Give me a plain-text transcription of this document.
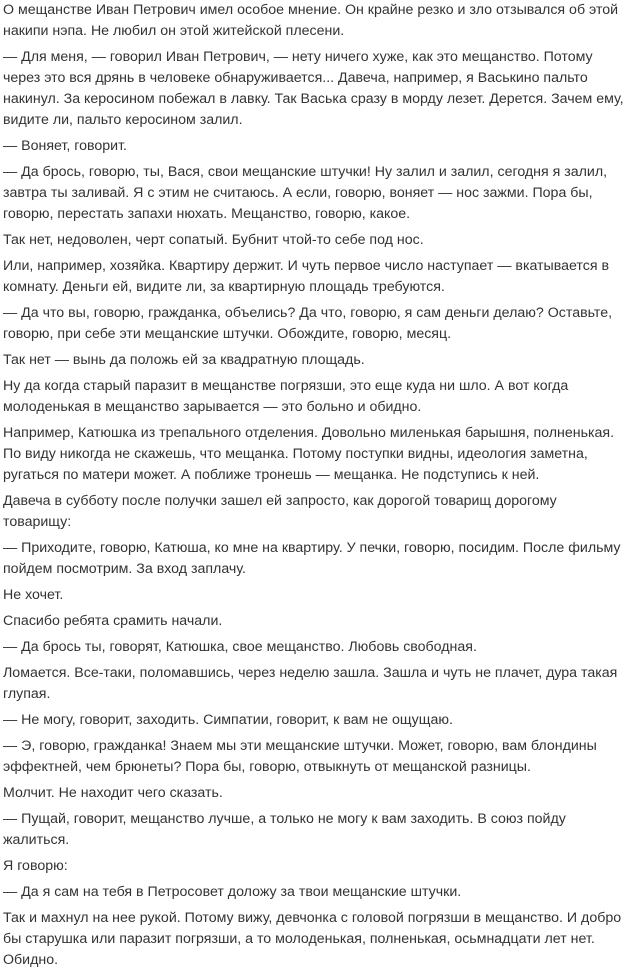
О мещанстве Иван Петрович имел особое мнение. Он крайне резко и зло отзывался об этой накипи нэпа. Не любил он этой житейской плесени.

— Для меня, — говорил Иван Петрович, — нету ничего хуже, как это мещанство. Потому через это вся дрянь в человеке обнаруживается... Давеча, например, я Васькино пальто накинул. За керосином побежал в лавку. Так Васька сразу в морду лезет. Дерется. Зачем ему, видите ли, пальто керосином залил.

— Воняет, говорит.

— Да брось, говорю, ты, Вася, свои мещанские штучки! Ну залил и залил, сегодня я залил, завтра ты заливай. Я с этим не считаюсь. А если, говорю, воняет — нос зажми. Пора бы, говорю, перестать запахи нюхать. Мещанство, говорю, какое.

Так нет, недоволен, черт сопатый. Бубнит чтой-то себе под нос.

Или, например, хозяйка. Квартиру держит. И чуть первое число наступает — вкатывается в комнату. Деньги ей, видите ли, за квартирную площадь требуются.

— Да что вы, говорю, гражданка, объелись? Да что, говорю, я сам деньги делаю? Оставьте, говорю, при себе эти мещанские штучки. Обождите, говорю, месяц.

Так нет — вынь да положь ей за квадратную площадь.

Ну да когда старый паразит в мещанстве погрязши, это еще куда ни шло. А вот когда молоденькая в мещанство зарывается — это больно и обидно.

Например, Катюшка из трепального отделения. Довольно миленькая барышня, полненькая. По виду никогда не скажешь, что мещанка. Потому поступки видны, идеология заметна, ругаться по матери может. А поближе тронешь — мещанка. Не подступись к ней.

Давеча в субботу после получки зашел ей запросто, как дорогой товарищ дорогому товарищу:

— Приходите, говорю, Катюша, ко мне на квартиру. У печки, говорю, посидим. После фильму пойдем посмотрим. За вход заплачу.

Не хочет.

Спасибо ребята срамить начали.

— Да брось ты, говорят, Катюшка, свое мещанство. Любовь свободная.

Ломается. Все-таки, поломавшись, через неделю зашла. Зашла и чуть не плачет, дура такая глупая.

— Не могу, говорит, заходить. Симпатии, говорит, к вам не ощущаю.

— Э, говорю, гражданка! Знаем мы эти мещанские штучки. Может, говорю, вам блондины эффектней, чем брюнеты? Пора бы, говорю, отвыкнуть от мещанской разницы.

Молчит. Не находит чего сказать.

— Пущай, говорит, мещанство лучше, а только не могу к вам заходить. В союз пойду жалиться.

Я говорю:

— Да я сам на тебя в Петросовет доложу за твои мещанские штучки.

Так и махнул на нее рукой. Потому вижу, девчонка с головой погрязши в мещанство. И добро бы старушка или паразит погрязши, а то молоденькая, полненькая, осьмнадцати лет нет. Обидно.
